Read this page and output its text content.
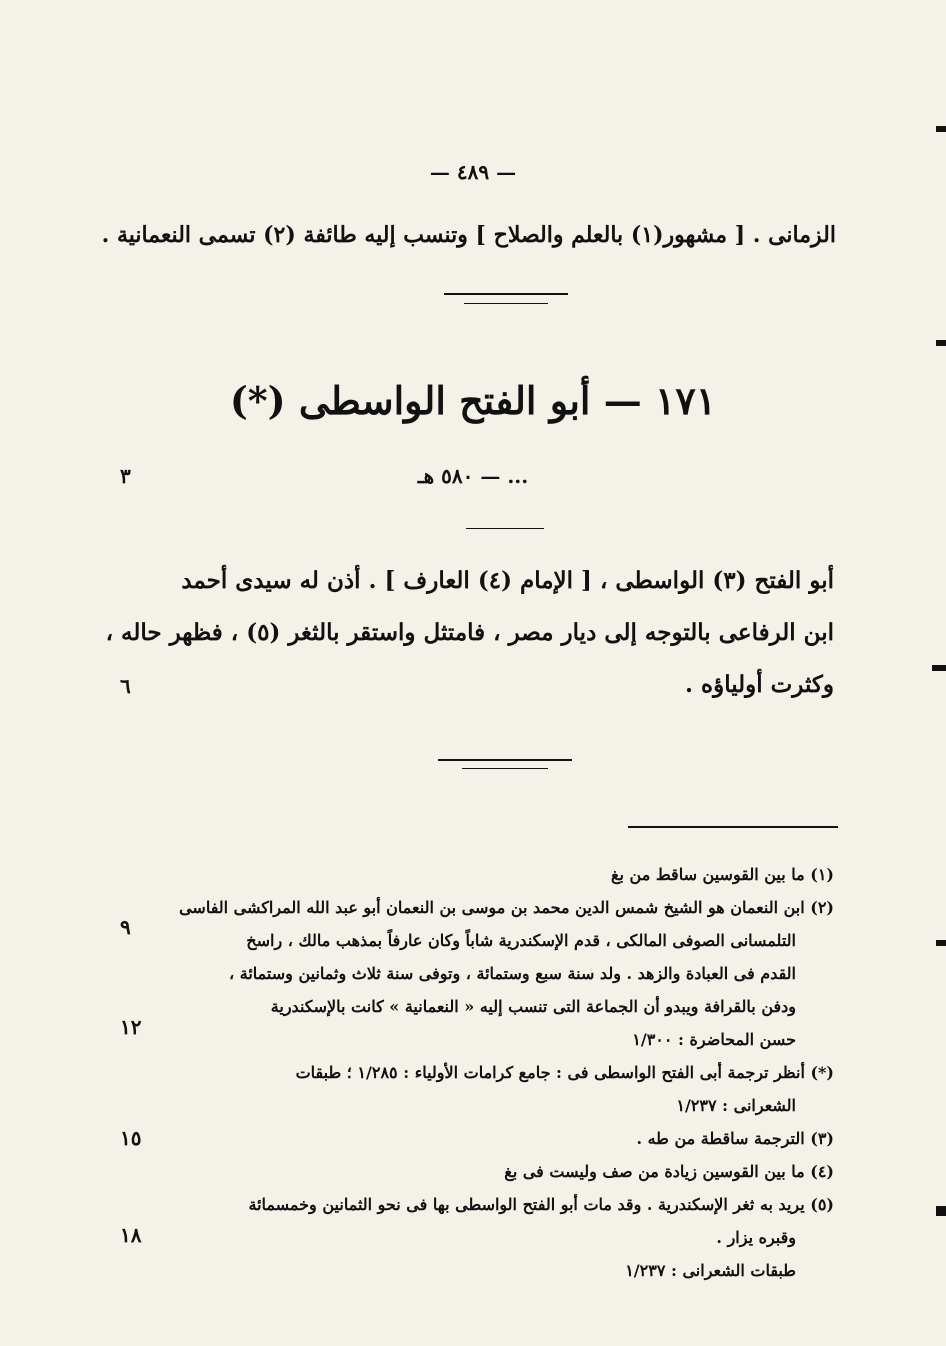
— ٤٨٩ —
الزمانى . [ مشهور(١) بالعلم والصلاح ] وتنسب إليه طائفة (٢) تسمى النعمانية .
١٧١ — أبو الفتح الواسطى (*)
... — ٥٨٠ هـ
أبو الفتح (٣) الواسطى ، [ الإمام (٤) العارف ] . أذن له سيدى أحمد
ابن الرفاعى بالتوجه إلى ديار مصر ، فامتثل واستقر بالثغر (٥) ، فظهر حاله ،
وكثرت أولياؤه .
(١) ما بين القوسين ساقط من بغ
(٢) ابن النعمان هو الشيخ شمس الدين محمد بن موسى بن النعمان أبو عبد الله المراكشى الفاسى
التلمسانى الصوفى المالكى ، قدم الإسكندرية شاباً وكان عارفاً بمذهب مالك ، راسخ
القدم فى العبادة والزهد . ولد سنة سبع وستمائة ، وتوفى سنة ثلاث وثمانين وستمائة ،
ودفن بالقرافة ويبدو أن الجماعة التى تنسب إليه « النعمانية » كانت بالإسكندرية
حسن المحاضرة : ١/٣٠٠
(*) أنظر ترجمة أبى الفتح الواسطى فى : جامع كرامات الأولياء : ١/٢٨٥ ؛ طبقات
الشعرانى : ١/٢٣٧
(٣) الترجمة ساقطة من طه .
(٤) ما بين القوسين زيادة من صف وليست فى بغ
(٥) يريد به ثغر الإسكندرية . وقد مات أبو الفتح الواسطى بها فى نحو الثمانين وخمسمائة
وقبره يزار .
طبقات الشعرانى : ١/٢٣٧
٣
٦
٩
١٢
١٥
١٨
